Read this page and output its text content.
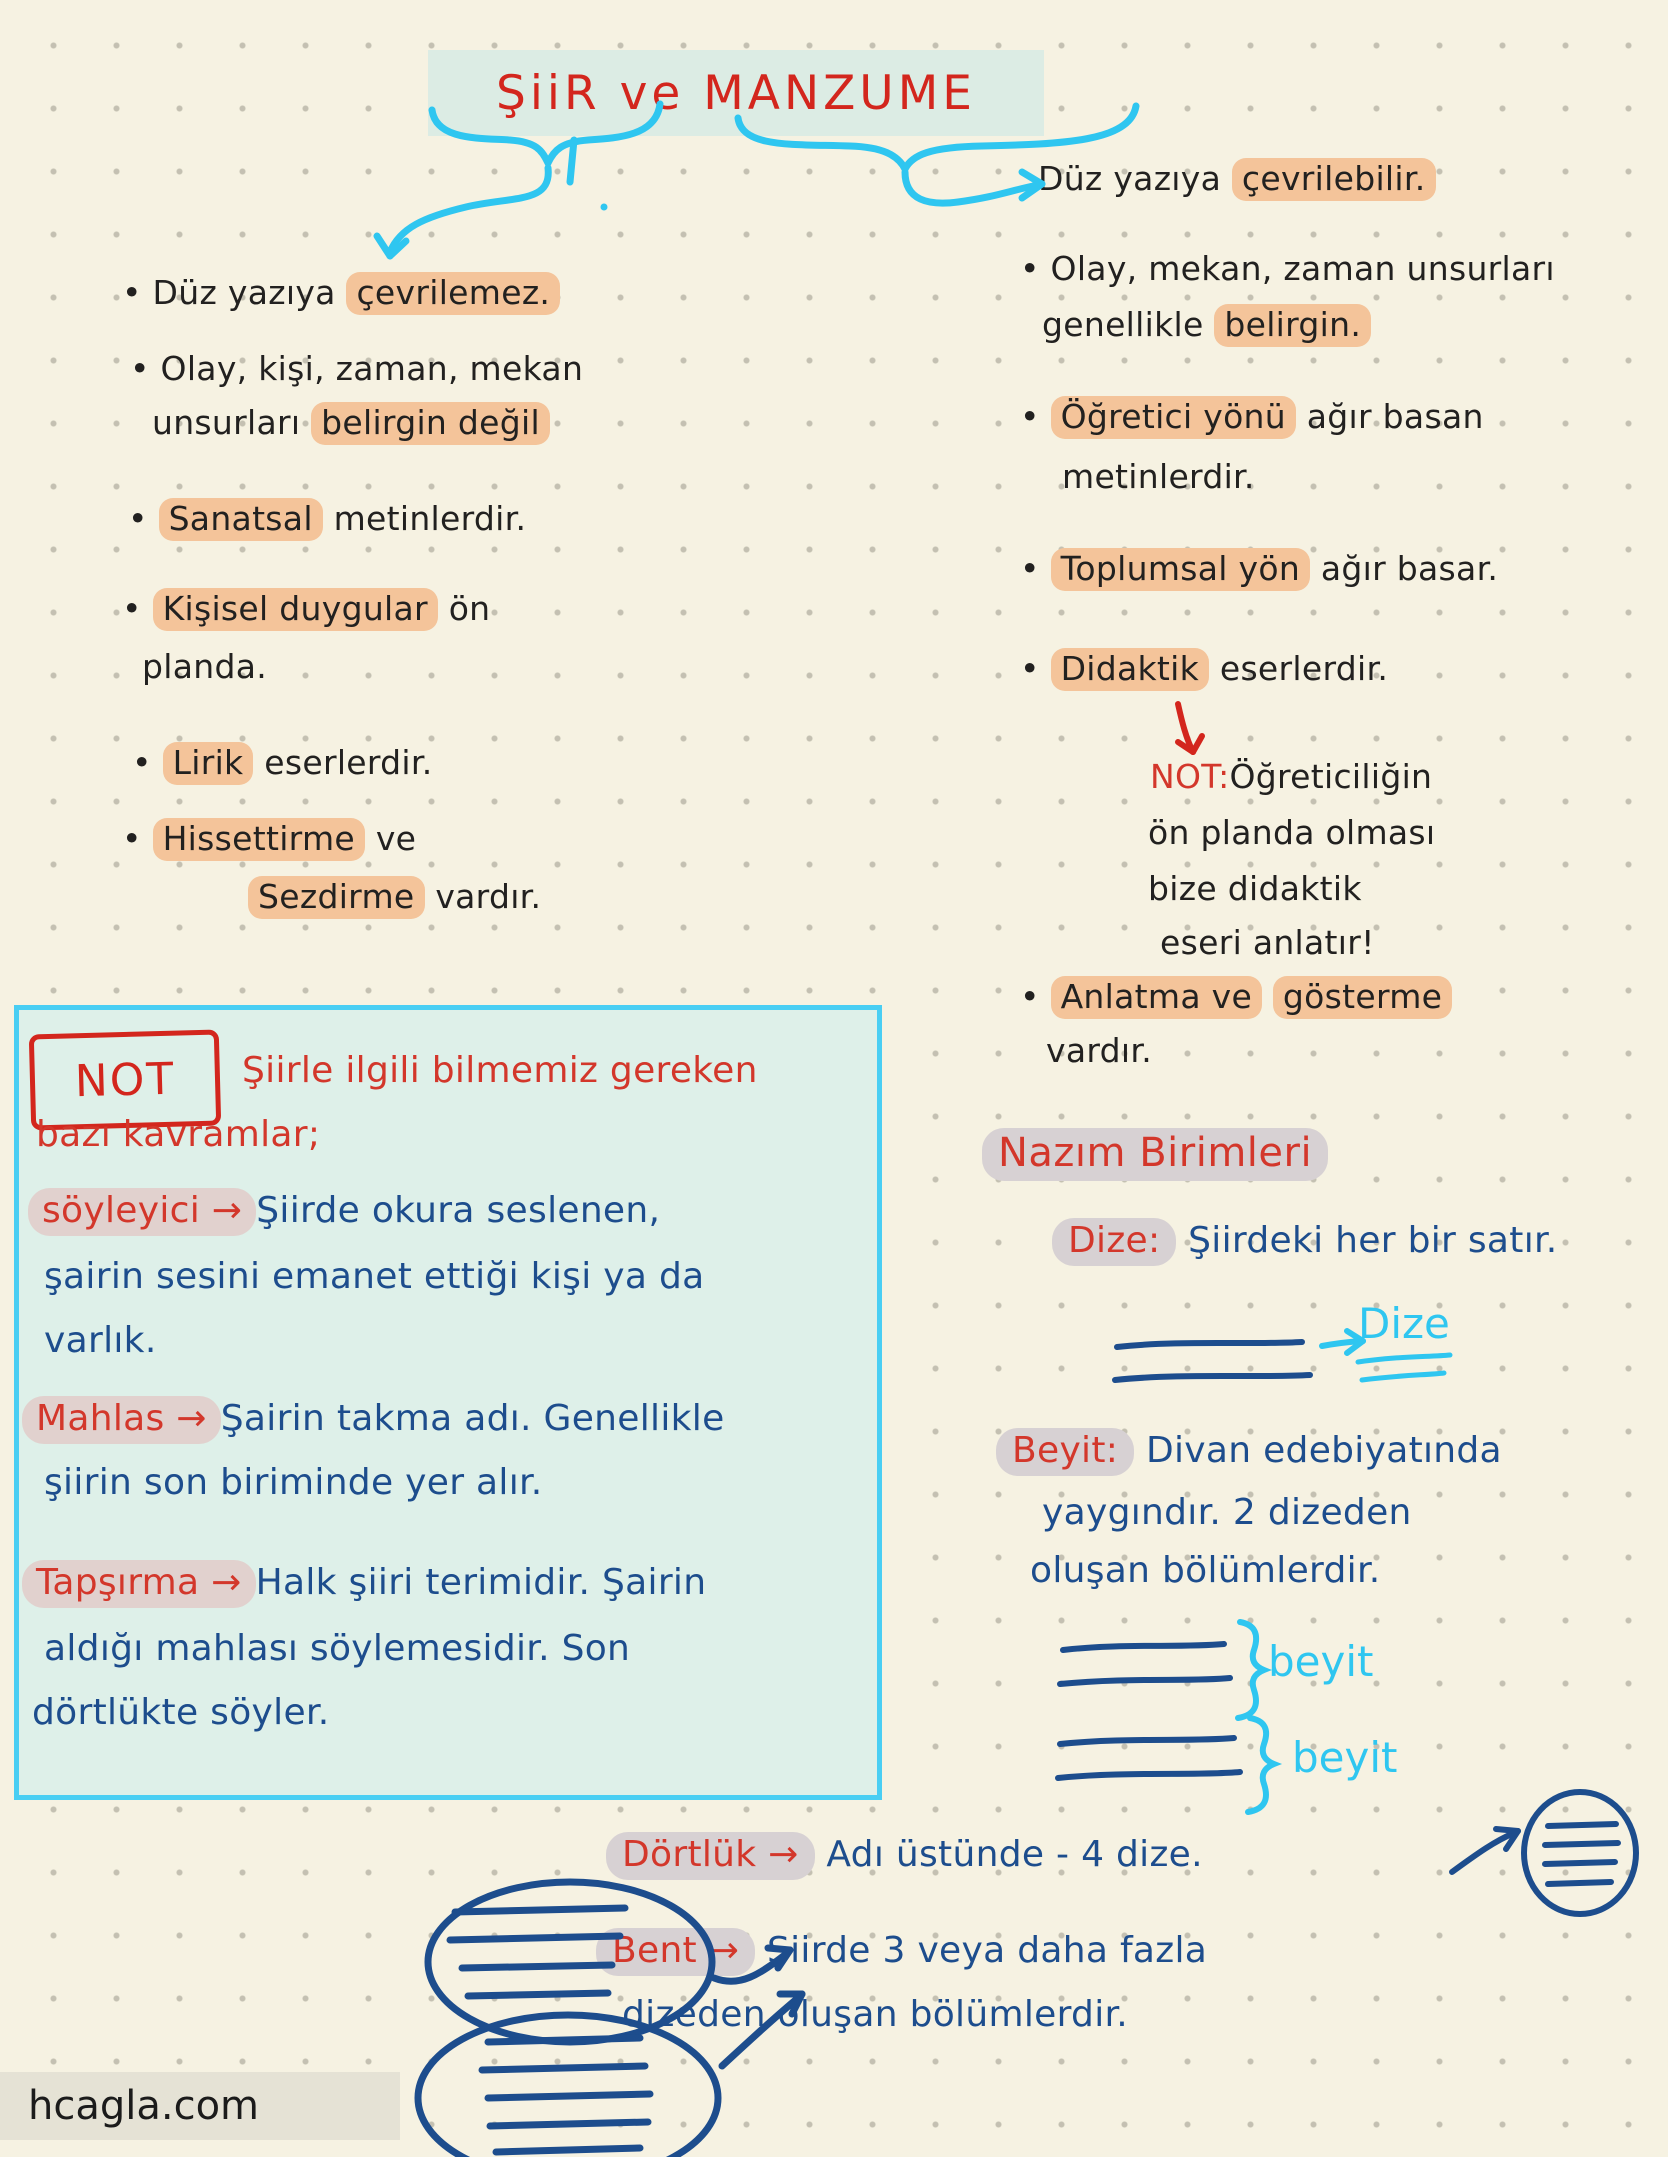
ŞiiR ve MANZUME
• Düz yazıya çevrilemez.
• Olay, kişi, zaman, mekan
unsurları belirgin değil
• Sanatsal metinlerdir.
• Kişisel duygular ön
planda.
• Lirik eserlerdir.
• Hissettirme ve
Sezdirme vardır.
Düz yazıya çevrilebilir.
• Olay, mekan, zaman unsurları
genellikle belirgin.
• Öğretici yönü ağır basan
metinlerdir.
• Toplumsal yön ağır basar.
• Didaktik eserlerdir.
NOT:Öğreticiliğin
ön planda olması
bize didaktik
eseri anlatır!
• Anlatma ve gösterme
vardır.
NOT Şiirle ilgili bilmemiz gereken
bazı kavramlar;
söyleyici → Şiirde okura seslenen,
şairin sesini emanet ettiği kişi ya da
varlık.
Mahlas → Şairin takma adı. Genellikle
şiirin son biriminde yer alır.
Tapşırma → Halk şiiri terimidir. Şairin
aldığı mahlası söylemesidir. Son
dörtlükte söyler.
Nazım Birimleri
Dize: Şiirdeki her bir satır.
Dize
Beyit: Divan edebiyatında
yaygındır. 2 dizeden
oluşan bölümlerdir.
beyit
beyit
Dörtlük → Adı üstünde - 4 dize.
Bent → Şiirde 3 veya daha fazla
dizeden oluşan bölümlerdir.
hcagla.com
